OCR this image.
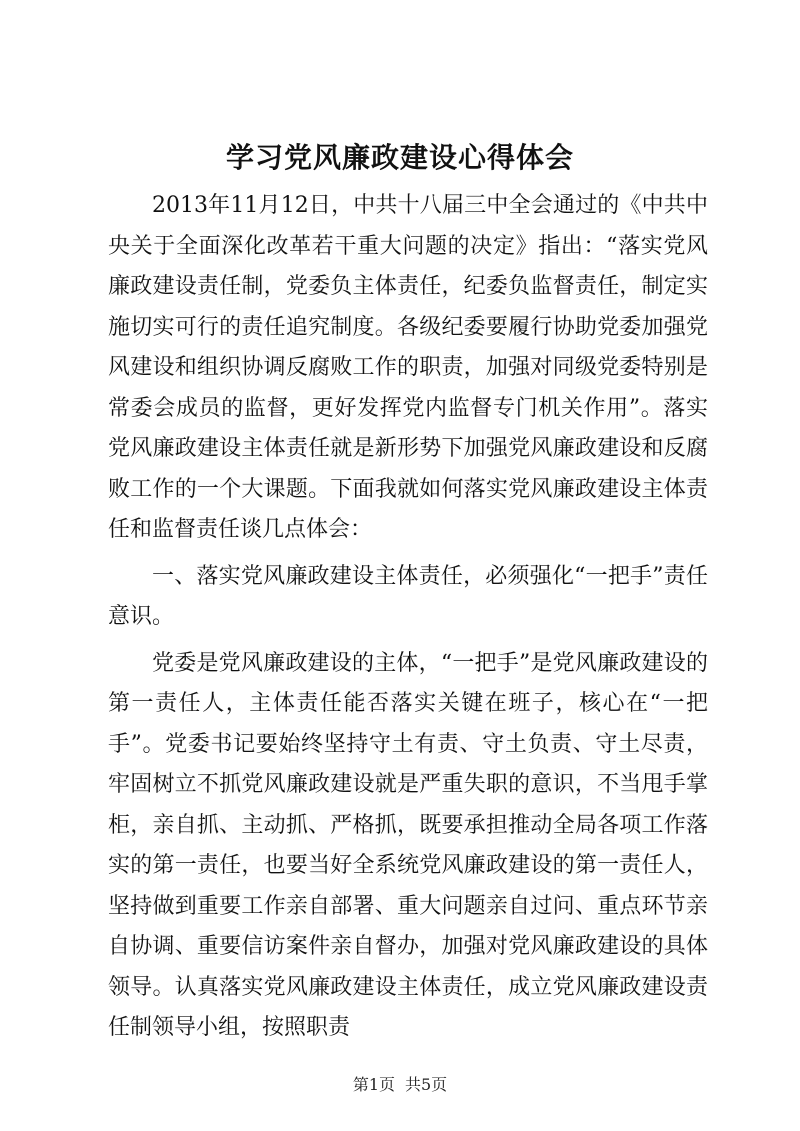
学习党风廉政建设心得体会

2013年11月12日，中共十八届三中全会通过的《中共中央关于全面深化改革若干重大问题的决定》指出：“落实党风廉政建设责任制，党委负主体责任，纪委负监督责任，制定实施切实可行的责任追究制度。各级纪委要履行协助党委加强党风建设和组织协调反腐败工作的职责，加强对同级党委特别是常委会成员的监督，更好发挥党内监督专门机关作用”。落实党风廉政建设主体责任就是新形势下加强党风廉政建设和反腐败工作的一个大课题。下面我就如何落实党风廉政建设主体责任和监督责任谈几点体会：

一、落实党风廉政建设主体责任，必须强化“一把手”责任意识。

党委是党风廉政建设的主体，“一把手”是党风廉政建设的第一责任人，主体责任能否落实关键在班子，核心在“一把手”。党委书记要始终坚持守土有责、守土负责、守土尽责，牢固树立不抓党风廉政建设就是严重失职的意识，不当甩手掌柜，亲自抓、主动抓、严格抓，既要承担推动全局各项工作落实的第一责任，也要当好全系统党风廉政建设的第一责任人，坚持做到重要工作亲自部署、重大问题亲自过问、重点环节亲自协调、重要信访案件亲自督办，加强对党风廉政建设的具体领导。认真落实党风廉政建设主体责任，成立党风廉政建设责任制领导小组，按照职责

第1页 共5页
